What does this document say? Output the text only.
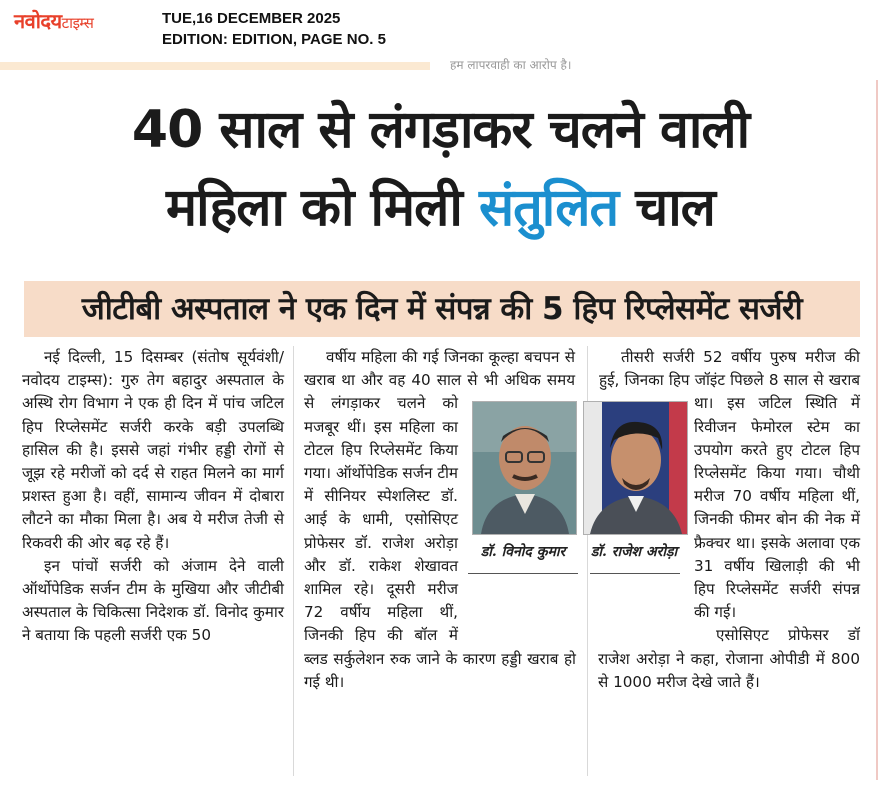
नवोदयटाइम्स	TUE,16 DECEMBER 2025
EDITION: EDITION, PAGE NO. 5
हम लापरवाही का आरोप है।
40 साल से लंगड़ाकर चलने वाली
महिला को मिली संतुलित चाल
जीटीबी अस्पताल ने एक दिन में संपन्न की 5 हिप रिप्लेसमेंट सर्जरी

नई दिल्ली, 15 दिसम्बर (संतोष सूर्यवंशी/नवोदय टाइम्स): गुरु तेग बहादुर अस्पताल के अस्थि रोग विभाग ने एक ही दिन में पांच जटिल हिप रिप्लेसमेंट सर्जरी करके बड़ी उपलब्धि हासिल की है। इससे जहां गंभीर हड्डी रोगों से जूझ रहे मरीजों को दर्द से राहत मिलने का मार्ग प्रशस्त हुआ है। वहीं, सामान्य जीवन में दोबारा लौटने का मौका मिला है। अब ये मरीज तेजी से रिकवरी की ओर बढ़ रहे हैं।

इन पांचों सर्जरी को अंजाम देने वाली ऑर्थोपेडिक सर्जन टीम के मुखिया और जीटीबी अस्पताल के चिकित्सा निदेशक डॉ. विनोद कुमार ने बताया कि पहली सर्जरी एक 50

वर्षीय महिला की गई जिनका कूल्हा बचपन से खराब था और वह 40 साल से भी अधिक समय से लंगड़ाकर चलने को मजबूर थीं। इस महिला का टोटल हिप रिप्लेसमेंट किया गया। ऑर्थोपेडिक सर्जन टीम में सीनियर स्पेशलिस्ट डॉ. आई के धामी, एसोसिएट प्रोफेसर डॉ. राजेश अरोड़ा और डॉ. राकेश शेखावत शामिल रहे। दूसरी मरीज 72 वर्षीय महिला थीं, जिनकी हिप की बॉल में ब्लड सर्कुलेशन रुक जाने के कारण हड्डी खराब हो गई थी।

तीसरी सर्जरी 52 वर्षीय पुरुष मरीज की हुई, जिनका हिप जॉइंट पिछले 8 साल से खराब था। इस जटिल स्थिति में रिवीजन फेमोरल स्टेम का उपयोग करते हुए टोटल हिप रिप्लेसमेंट किया गया। चौथी मरीज 70 वर्षीय महिला थीं, जिनकी फीमर बोन की नेक में फ्रैक्चर था। इसके अलावा एक 31 वर्षीय खिलाड़ी की भी हिप रिप्लेसमेंट सर्जरी संपन्न की गई।

एसोसिएट प्रोफेसर डॉ राजेश अरोड़ा ने कहा, रोजाना ओपीडी में 800 से 1000 मरीज देखे जाते हैं।

डॉ. विनोद कुमार	डॉ. राजेश अरोड़ा
